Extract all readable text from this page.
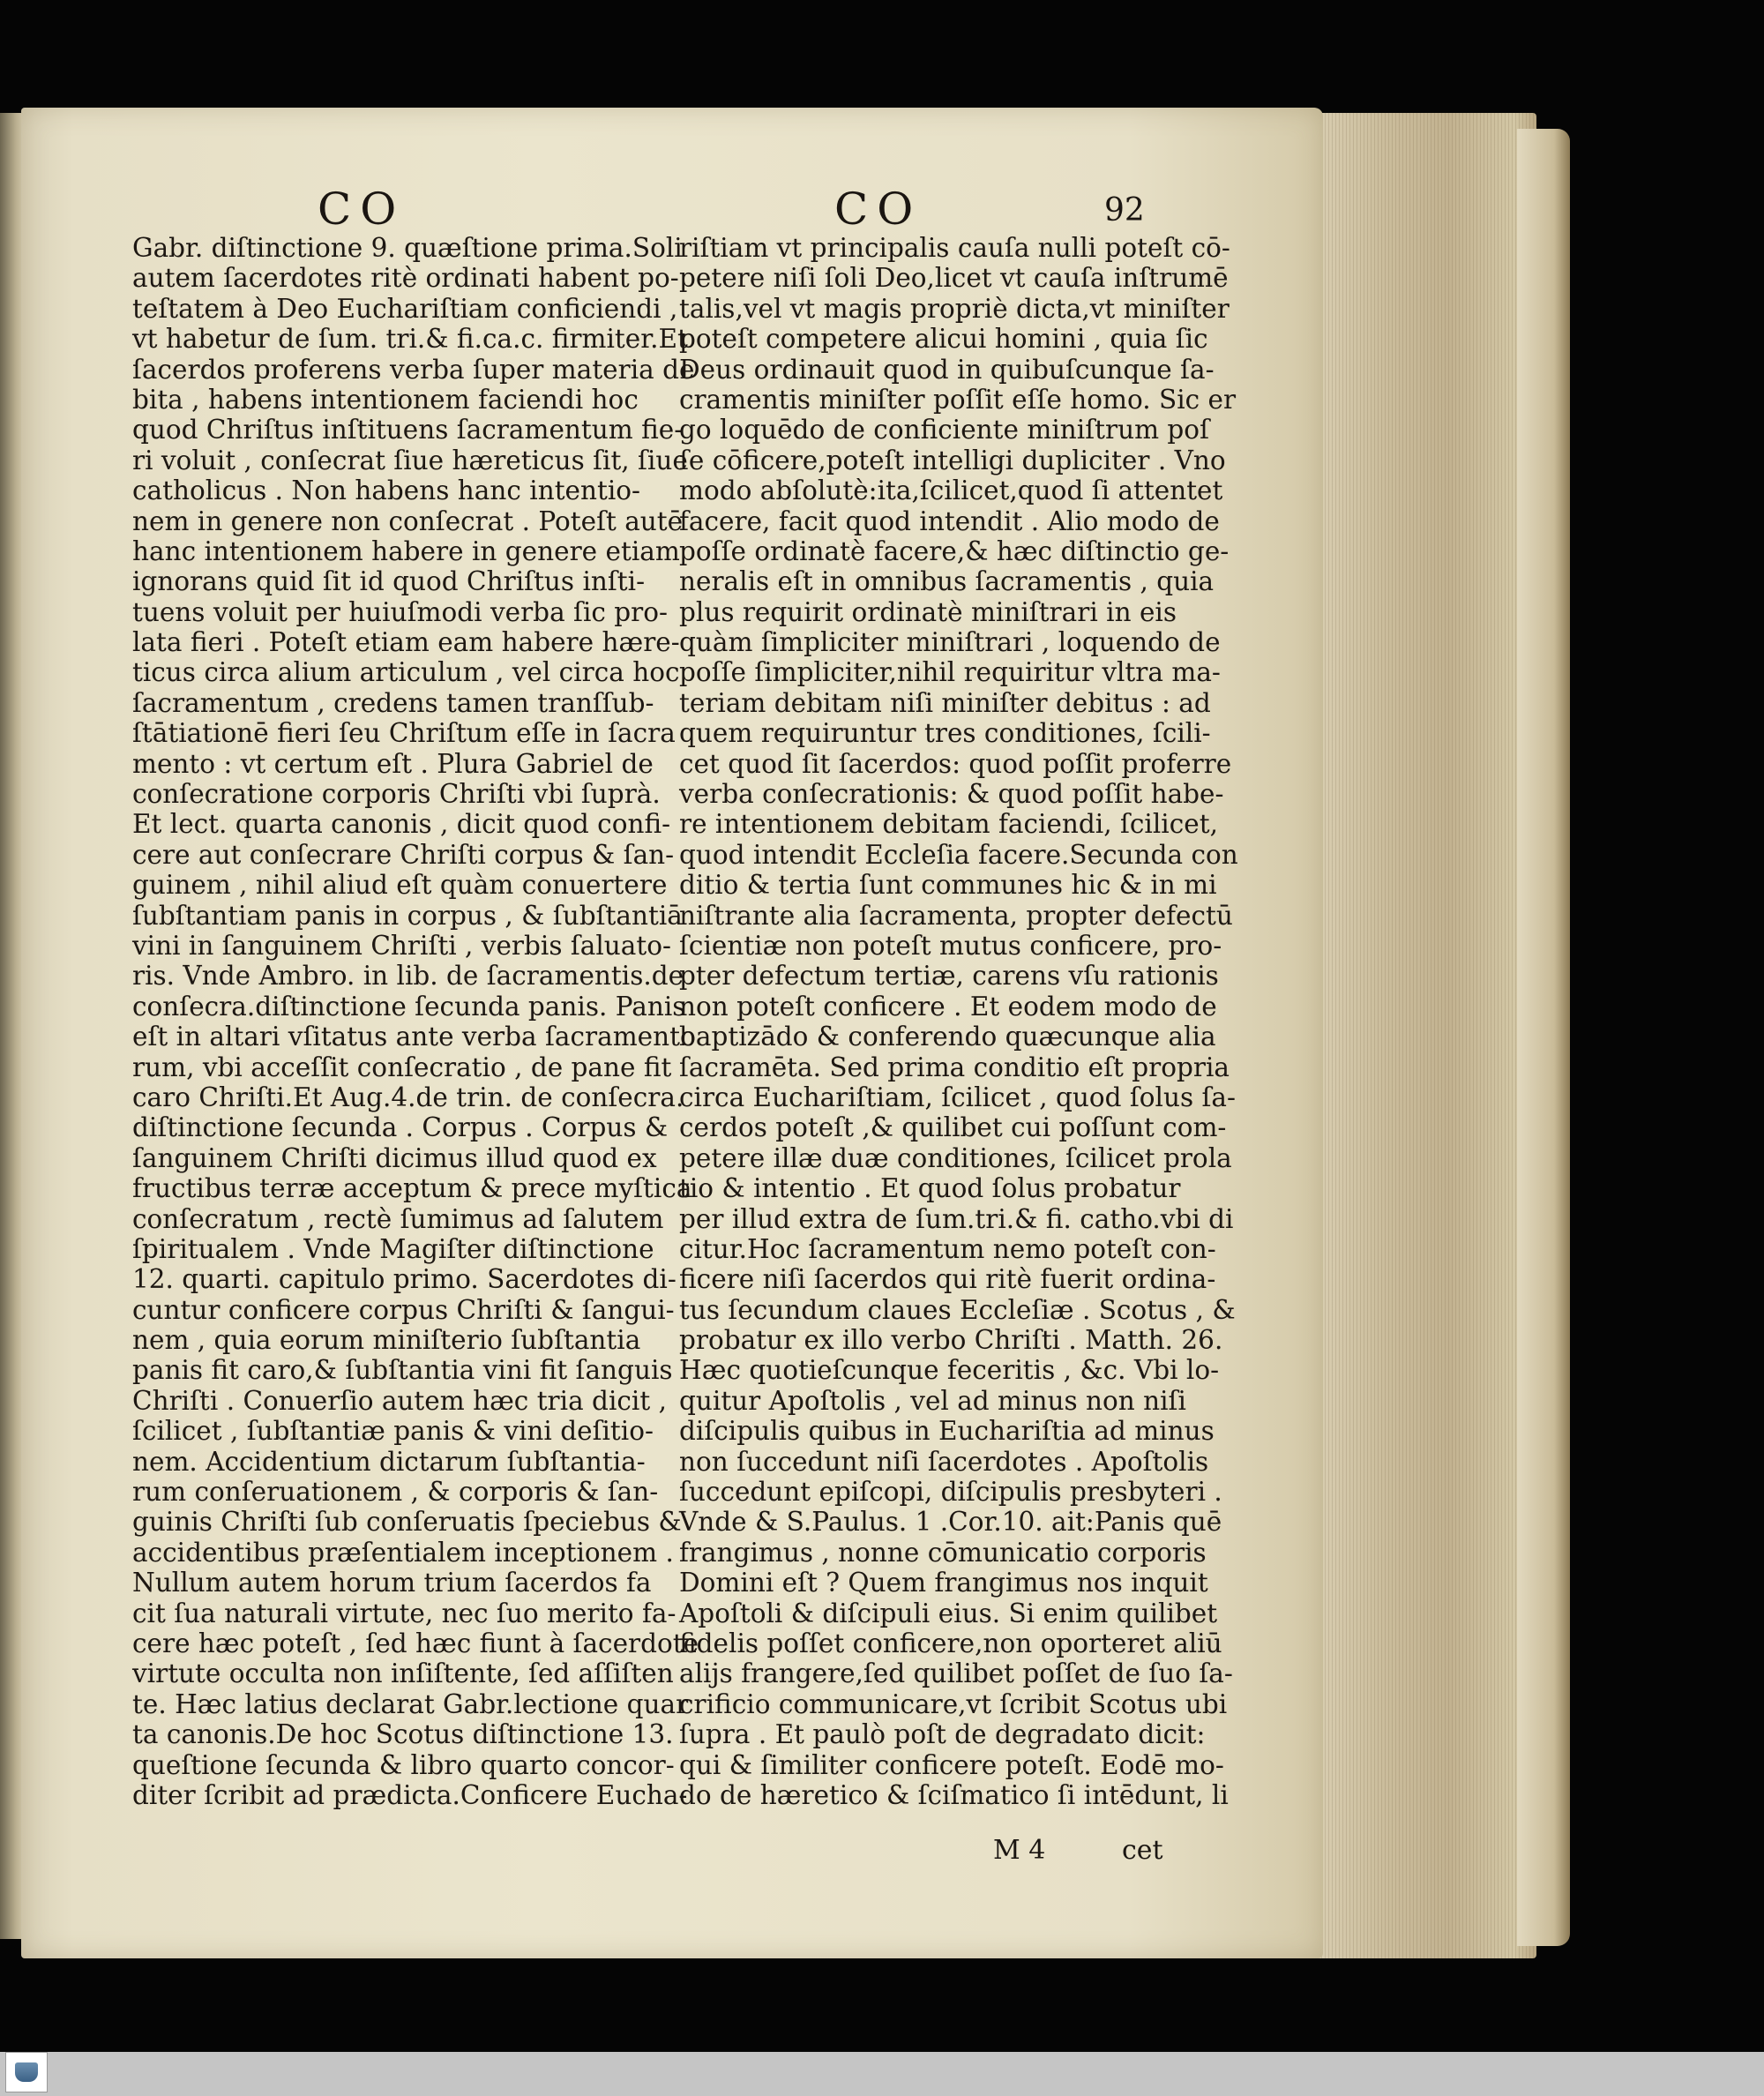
CO	CO	92

Gabr. diſtinctione 9. quæſtione prima.Soli

autem ſacerdotes ritè ordinati habent po-

teſtatem à Deo Euchariſtiam conficiendi ,

vt habetur de ſum. tri.& fi.ca.c. firmiter.Et

ſacerdos proferens verba ſuper materia de

bita , habens intentionem faciendi hoc

quod Chriſtus inſtituens ſacramentum fie-

ri voluit , conſecrat ſiue hæreticus ſit, ſiue

catholicus . Non habens hanc intentio-

nem in genere non conſecrat . Poteſt autē

hanc intentionem habere in genere etiam

ignorans quid ſit id quod Chriſtus inſti-

tuens voluit per huiuſmodi verba ſic pro-

lata fieri . Poteſt etiam eam habere hære-

ticus circa alium articulum , vel circa hoc

ſacramentum , credens tamen tranſſub-

ſtātiationē fieri ſeu Chriſtum eſſe in ſacra

mento : vt certum eſt . Plura Gabriel de

conſecratione corporis Chriſti vbi ſuprà.

Et lect. quarta canonis , dicit quod confi-

cere aut conſecrare Chriſti corpus & ſan-

guinem , nihil aliud eſt quàm conuertere

ſubſtantiam panis in corpus , & ſubſtantiā

vini in ſanguinem Chriſti , verbis ſaluato-

ris. Vnde Ambro. in lib. de ſacramentis.de

conſecra.diſtinctione ſecunda panis. Panis

eſt in altari vſitatus ante verba ſacramento

rum, vbi acceſſit conſecratio , de pane fit

caro Chriſti.Et Aug.4.de trin. de conſecra.

diſtinctione ſecunda . Corpus . Corpus &

ſanguinem Chriſti dicimus illud quod ex

fructibus terræ acceptum & prece myſtica

conſecratum , rectè ſumimus ad ſalutem

ſpiritualem . Vnde Magiſter diſtinctione

12. quarti. capitulo primo. Sacerdotes di-

cuntur conficere corpus Chriſti & ſangui-

nem , quia eorum miniſterio ſubſtantia

panis fit caro,& ſubſtantia vini fit ſanguis

Chriſti . Conuerſio autem hæc tria dicit ,

ſcilicet , ſubſtantiæ panis & vini deſitio-

nem. Accidentium dictarum ſubſtantia-

rum conſeruationem , & corporis & ſan-

guinis Chriſti ſub conſeruatis ſpeciebus &

accidentibus præſentialem inceptionem .

Nullum autem horum trium ſacerdos fa

cit ſua naturali virtute, nec ſuo merito fa-

cere hæc poteſt , ſed hæc fiunt à ſacerdote

virtute occulta non inſiſtente, ſed aſſiſten

te. Hæc latius declarat Gabr.lectione quar

ta canonis.De hoc Scotus diſtinctione 13.

queſtione ſecunda & libro quarto concor-

diter ſcribit ad prædicta.Conficere Eucha-

riſtiam vt principalis cauſa nulli poteſt cō-

petere niſi ſoli Deo,licet vt cauſa inſtrumē

talis,vel vt magis propriè dicta,vt miniſter

poteſt competere alicui homini , quia ſic

Deus ordinauit quod in quibuſcunque ſa-

cramentis miniſter poſſit eſſe homo. Sic er

go loquēdo de conficiente miniſtrum poſ

ſe cōficere,poteſt intelligi dupliciter . Vno

modo abſolutè:ita,ſcilicet,quod ſi attentet

facere, facit quod intendit . Alio modo de

poſſe ordinatè facere,& hæc diſtinctio ge-

neralis eſt in omnibus ſacramentis , quia

plus requirit ordinatè miniſtrari in eis

quàm ſimpliciter miniſtrari , loquendo de

poſſe ſimpliciter,nihil requiritur vltra ma-

teriam debitam niſi miniſter debitus : ad

quem requiruntur tres conditiones, ſcili-

cet quod ſit ſacerdos: quod poſſit proferre

verba conſecrationis: & quod poſſit habe-

re intentionem debitam faciendi, ſcilicet,

quod intendit Eccleſia facere.Secunda con

ditio & tertia ſunt communes hic & in mi

niſtrante alia ſacramenta, propter defectū

ſcientiæ non poteſt mutus conficere, pro-

pter defectum tertiæ, carens vſu rationis

non poteſt conficere . Et eodem modo de

baptizādo & conferendo quæcunque alia

ſacramēta. Sed prima conditio eſt propria

circa Euchariſtiam, ſcilicet , quod ſolus ſa-

cerdos poteſt ,& quilibet cui poſſunt com-

petere illæ duæ conditiones, ſcilicet prola

tio & intentio . Et quod ſolus probatur

per illud extra de ſum.tri.& fi. catho.vbi di

citur.Hoc ſacramentum nemo poteſt con-

ficere niſi ſacerdos qui ritè fuerit ordina-

tus ſecundum claues Eccleſiæ . Scotus , &

probatur ex illo verbo Chriſti . Matth. 26.

Hæc quotieſcunque feceritis , &c. Vbi lo-

quitur Apoſtolis , vel ad minus non niſi

diſcipulis quibus in Euchariſtia ad minus

non ſuccedunt niſi ſacerdotes . Apoſtolis

ſuccedunt epiſcopi, diſcipulis presbyteri .

Vnde & S.Paulus. 1 .Cor.10. ait:Panis quē

frangimus , nonne cōmunicatio corporis

Domini eſt ? Quem frangimus nos inquit

Apoſtoli & diſcipuli eius. Si enim quilibet

fidelis poſſet conficere,non oporteret aliū

alijs frangere,ſed quilibet poſſet de ſuo ſa-

crificio communicare,vt ſcribit Scotus ubi

ſupra . Et paulò poſt de degradato dicit:

qui & ſimiliter conficere poteſt. Eodē mo-

do de hæretico & ſciſmatico ſi intēdunt, li

M 4	cet
